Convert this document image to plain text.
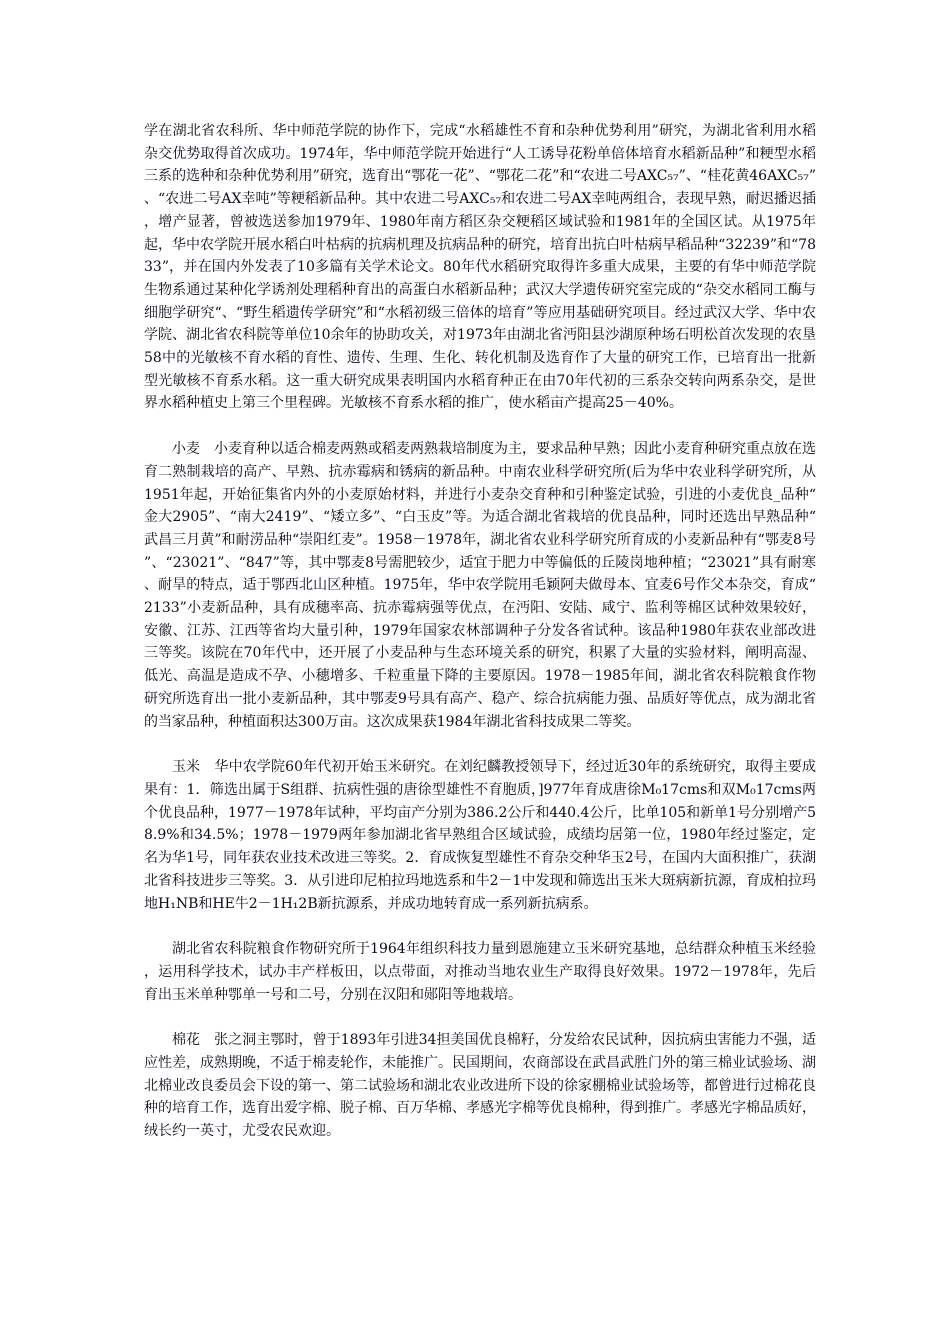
学在湖北省农科所、华中师范学院的协作下，完成“水稻雄性不育和杂种优势利用”研究，为湖北省利用水稻杂交优势取得首次成功。1974年，华中师范学院开始进行“人工诱导花粉单倍体培育水稻新品种”和粳型水稻三系的选种和杂种优势利用”研究，选育出“鄂花一花”、“鄂花二花”和“农进二号AXC₅₇”、“桂花黄46AXC₅₇”、“农进二号AX幸吨”等粳稻新品种。其中农进二号AXC₅₇和农进二号AX幸吨两组合，表现早熟，耐迟播迟插，增产显著，曾被选送参加1979年、1980年南方稻区杂交粳稻区域试验和1981年的全国区试。从1975年起，华中农学院开展水稻白叶枯病的抗病机理及抗病品种的研究，培育出抗白叶枯病早稻品种“32239”和“7833”，并在国内外发表了10多篇有关学术论文。80年代水稻研究取得许多重大成果，主要的有华中师范学院生物系通过某种化学诱剂处理稻种育出的高蛋白水稻新品种；武汉大学遗传研究室完成的“杂交水稻同工酶与细胞学研究“、“野生稻遗传学研究”和“水稻初级三倍体的培育”等应用基础研究项目。经过武汉大学、华中农学院、湖北省农科院等单位10余年的协助攻关，对1973年由湖北省沔阳县沙湖原种场石明松首次发现的农垦58中的光敏核不育水稻的育性、遗传、生理、生化、转化机制及选育作了大量的研究工作，已培育出一批新型光敏核不育系水稻。这一重大研究成果表明国内水稻育种正在由70年代初的三系杂交转向两系杂交，是世界水稻种植史上第三个里程碑。光敏核不育系水稻的推广，使水稻亩产提高25－40%。

小麦　小麦育种以适合棉麦两熟或稻麦两熟栽培制度为主，要求品种早熟；因此小麦育种研究重点放在选育二熟制栽培的高产、早熟、抗赤霉病和锈病的新品种。中南农业科学研究所(后为华中农业科学研究所，从1951年起，开始征集省内外的小麦原始材料，并进行小麦杂交育种和引种鉴定试验，引进的小麦优良_品种“金大2905”、“南大2419”、“矮立多”、“白玉皮”等。为适合湖北省栽培的优良品种，同时还选出早熟品种“武昌三月黄”和耐涝品种“崇阳红麦”。1958－1978年，湖北省农业科学研究所育成的小麦新品种有“鄂麦8号”、“23021”、“847”等，其中鄂麦8号需肥较少，适宜于肥力中等偏低的丘陵岗地种植；“23021”具有耐寒、耐旱的特点，适于鄂西北山区种植。1975年，华中农学院用毛颖阿夫做母本、宜麦6号作父本杂交，育成“2133”小麦新品种，具有成穗率高、抗赤霉病强等优点，在沔阳、安陆、咸宁、监利等棉区试种效果较好，安徽、江苏、江西等省均大量引种，1979年国家农林部调种子分发各省试种。该品种1980年获农业部改进三等奖。该院在70年代中，还开展了小麦品种与生态环境关系的研究，积累了大量的实验材料，阐明高湿、低光、高温是造成不孕、小穗增多、千粒重量下降的主要原因。1978－1985年间，湖北省农科院粮食作物研究所选育出一批小麦新品种，其中鄂麦9号具有高产、稳产、综合抗病能力强、品质好等优点，成为湖北省的当家品种，种植面积达300万亩。这次成果获1984年湖北省科技成果二等奖。

玉米　华中农学院60年代初开始玉米研究。在刘纪麟教授领导下，经过近30年的系统研究，取得主要成果有：1．筛选出属于S组群、抗病性强的唐徐型雄性不育胞质，]977年育成唐徐M₀17cms和双M₀17cms两个优良品种，1977－1978年试种，平均亩产分别为386.2公斤和440.4公斤，比单105和新单1号分别增产58.9%和34.5%；1978－1979两年参加湖北省早熟组合区域试验，成绩均居第一位，1980年经过鉴定，定名为华1号，同年获农业技术改进三等奖。2．育成恢复型雄性不育杂交种华玉2号，在国内大面积推广，获湖北省科技进步三等奖。3．从引进印尼柏拉玛地选系和牛2－1中发现和筛选出玉米大斑病新抗源，育成柏拉玛地H₁NB和HE牛2－1H₁2B新抗源系，并成功地转育成一系列新抗病系。

湖北省农科院粮食作物研究所于1964年组织科技力量到恩施建立玉米研究基地，总结群众种植玉米经验，运用科学技术，试办丰产样板田，以点带面，对推动当地农业生产取得良好效果。1972－1978年，先后育出玉米单种鄂单一号和二号，分别在汉阳和郧阳等地栽培。

棉花　张之洞主鄂时，曾于1893年引进34担美国优良棉籽，分发给农民试种，因抗病虫害能力不强，适应性差，成熟期晚，不适于棉麦轮作，未能推广。民国期间，农商部设在武昌武胜门外的第三棉业试验场、湖北棉业改良委员会下设的第一、第二试验场和湖北农业改进所下设的徐家棚棉业试验场等，都曾进行过棉花良种的培育工作，选育出爱字棉、脱子棉、百万华棉、孝感光字棉等优良棉种，得到推广。孝感光字棉品质好，绒长约一英寸，尤受农民欢迎。
